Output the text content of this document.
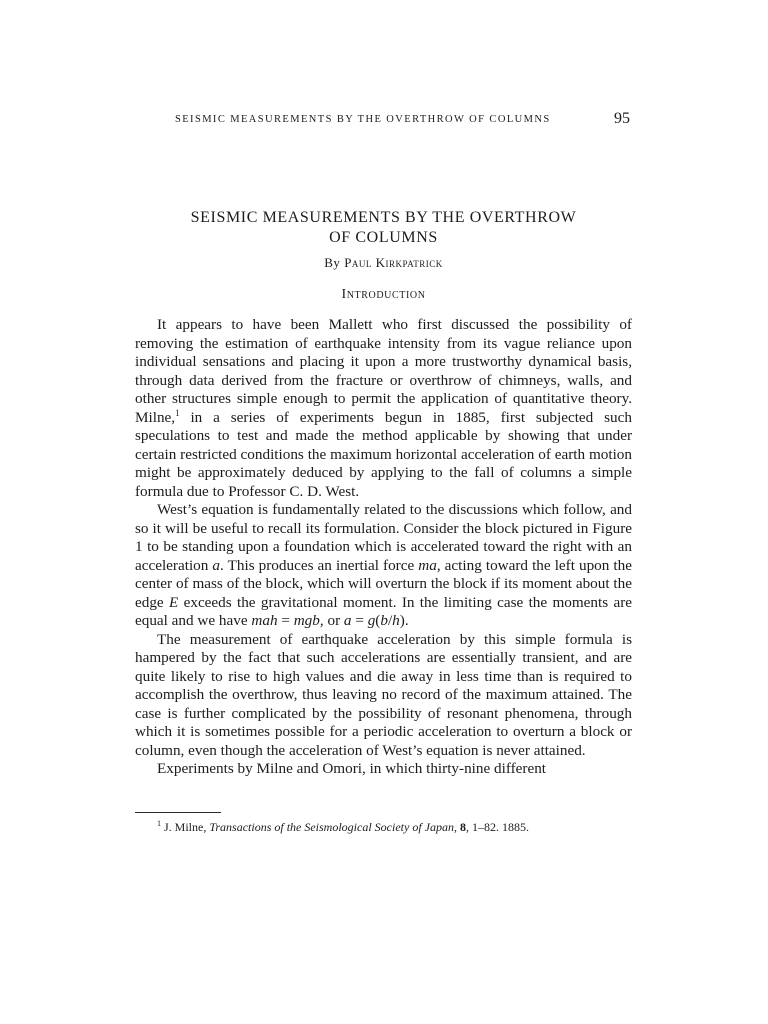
SEISMIC MEASUREMENTS BY THE OVERTHROW OF COLUMNS	95
SEISMIC MEASUREMENTS BY THE OVERTHROW
OF COLUMNS
By Paul Kirkpatrick
Introduction

It appears to have been Mallett who first discussed the possibility of removing the estimation of earthquake intensity from its vague reliance upon individual sensations and placing it upon a more trustworthy dynamical basis, through data derived from the fracture or overthrow of chimneys, walls, and other structures simple enough to permit the application of quantitative theory. Milne,$^1$ in a series of experiments begun in 1885, first subjected such speculations to test and made the method applicable by showing that under certain restricted conditions the maximum horizontal acceleration of earth motion might be approximately deduced by applying to the fall of columns a simple formula due to Professor C. D. West.

West’s equation is fundamentally related to the discussions which follow, and so it will be useful to recall its formulation. Consider the block pictured in Figure 1 to be standing upon a foundation which is accelerated toward the right with an acceleration a. This produces an inertial force ma, acting toward the left upon the center of mass of the block, which will overturn the block if its moment about the edge E exceeds the gravitational moment. In the limiting case the moments are equal and we have mah = mgb, or a = g(b/h).

The measurement of earthquake acceleration by this simple formula is hampered by the fact that such accelerations are essentially transient, and are quite likely to rise to high values and die away in less time than is required to accomplish the overthrow, thus leaving no record of the maximum attained. The case is further complicated by the possibility of resonant phenomena, through which it is sometimes possible for a periodic acceleration to overturn a block or column, even though the acceleration of West’s equation is never attained.

Experiments by Milne and Omori, in which thirty-nine different

$^1$ J. Milne, Transactions of the Seismological Society of Japan, 8, 1–82. 1885.
